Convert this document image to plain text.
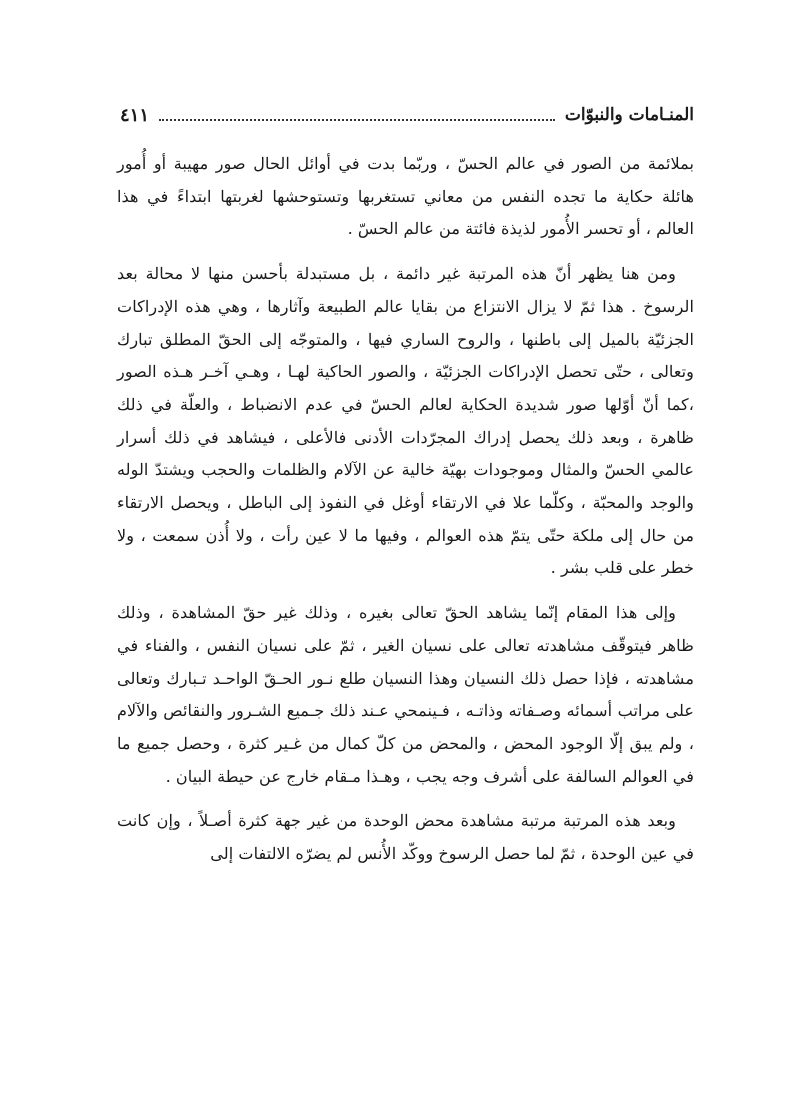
المنـامات والنبوّات
٤١١

بملائمة من الصور في عالم الحسّ ، وربّما بدت في أوائل الحال صور مهيبة أو أُمور هائلة حكاية ما تجده النفس من معاني تستغربها وتستوحشها لغربتها ابتداءً في هذا العالم ، أو تحسر الأُمور لذيذة فائتة من عالم الحسّ .

ومن هنا يظهر أنّ هذه المرتبة غير دائمة ، بل مستبدلة بأحسن منها لا محالة بعد الرسوخ . هذا ثمّ لا يزال الانتزاع من بقايا عالم الطبيعة وآثارها ، وهي هذه الإدراكات الجزئيّة بالميل إلى باطنها ، والروح الساري فيها ، والمتوجّه إلى الحقّ المطلق تبارك وتعالى ، حتّى تحصل الإدراكات الجزئيّة ، والصور الحاكية لهـا ، وهـي آخـر هـذه الصور ،كما أنّ أوّلها صور شديدة الحكاية لعالم الحسّ في عدم الانضباط ، والعلّة في ذلك ظاهرة ، وبعد ذلك يحصل إدراك المجرّدات الأدنى فالأعلى ، فيشاهد في ذلك أسرار عالمي الحسّ والمثال وموجودات بهيّة خالية عن الآلام والظلمات والحجب ويشتدّ الوله والوجد والمحبّة ، وكلّما علا في الارتقاء أوغل في النفوذ إلى الباطل ، ويحصل الارتقاء من حال إلى ملكة حتّى يتمّ هذه العوالم ، وفيها ما لا عين رأت ، ولا أُذن سمعت ، ولا خطر على قلب بشر .

وإلى هذا المقام إنّما يشاهد الحقّ تعالى بغيره ، وذلك غير حقّ المشاهدة ، وذلك ظاهر فيتوقّف مشاهدته تعالى على نسيان الغير ، ثمّ على نسيان النفس ، والفناء في مشاهدته ، فإذا حصل ذلك النسيان وهذا النسيان طلع نـور الحـقّ الواحـد تـبارك وتعالى على مراتب أسمائه وصـفاته وذاتـه ، فـينمحي عـند ذلك جـميع الشـرور والنقائص والآلام ، ولم يبق إلّا الوجود المحض ، والمحض من كلّ كمال من غـير كثرة ، وحصل جميع ما في العوالم السالفة على أشرف وجه يجب ، وهـذا مـقام خارج عن حيطة البيان .

وبعد هذه المرتبة مرتبة مشاهدة محض الوحدة من غير جهة كثرة أصـلاً ، وإن كانت في عين الوحدة ، ثمّ لما حصل الرسوخ ووكّد الأُنس لم يضرّه الالتفات إلى
